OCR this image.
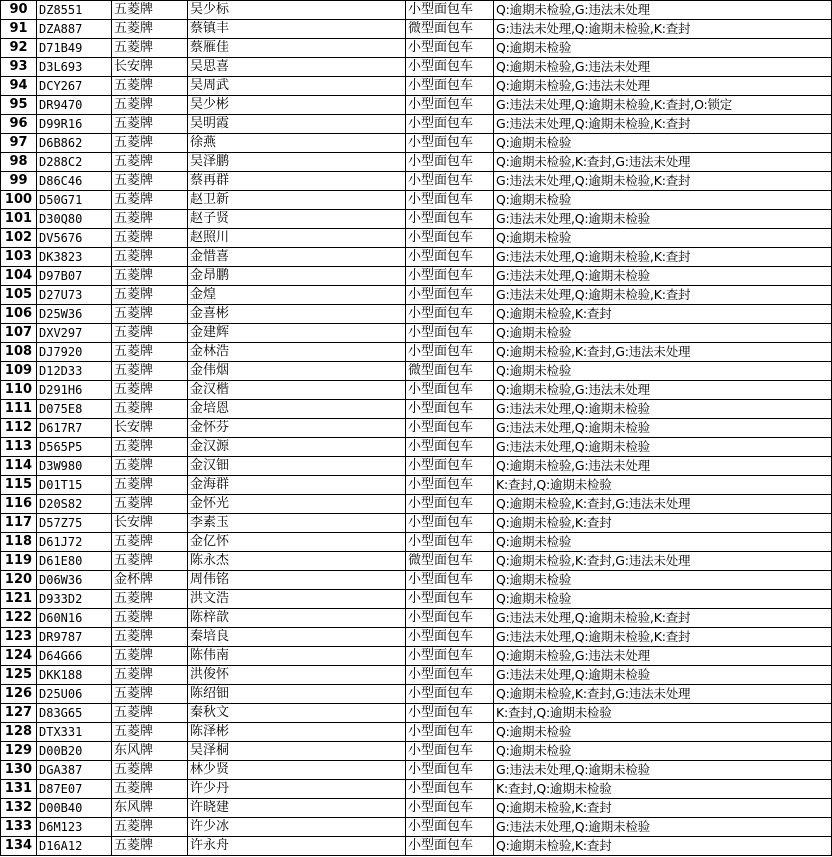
90	DZ8551	五菱牌	吴少标	小型面包车	Q:逾期未检验,G:违法未处理
91	DZA887	五菱牌	蔡镇丰	微型面包车	G:违法未处理,Q:逾期未检验,K:查封
92	D71B49	五菱牌	蔡雁佳	小型面包车	Q:逾期未检验
93	D3L693	长安牌	吴思喜	小型面包车	Q:逾期未检验,G:违法未处理
94	DCY267	五菱牌	吴周武	小型面包车	Q:逾期未检验,G:违法未处理
95	DR9470	五菱牌	吴少彬	小型面包车	G:违法未处理,Q:逾期未检验,K:查封,O:锁定
96	D99R16	五菱牌	吴明霞	小型面包车	G:违法未处理,Q:逾期未检验,K:查封
97	D6B862	五菱牌	徐燕	小型面包车	Q:逾期未检验
98	D288C2	五菱牌	吴泽鹏	小型面包车	Q:逾期未检验,K:查封,G:违法未处理
99	D86C46	五菱牌	蔡再群	小型面包车	G:违法未处理,Q:逾期未检验,K:查封
100	D50G71	五菱牌	赵卫新	小型面包车	Q:逾期未检验
101	D30Q80	五菱牌	赵子贤	小型面包车	G:违法未处理,Q:逾期未检验
102	DV5676	五菱牌	赵照川	小型面包车	Q:逾期未检验
103	DK3823	五菱牌	金惜喜	小型面包车	G:违法未处理,Q:逾期未检验,K:查封
104	D97B07	五菱牌	金昂鹏	小型面包车	G:违法未处理,Q:逾期未检验
105	D27U73	五菱牌	金煌	小型面包车	G:违法未处理,Q:逾期未检验,K:查封
106	D25W36	五菱牌	金喜彬	小型面包车	Q:逾期未检验,K:查封
107	DXV297	五菱牌	金建辉	小型面包车	Q:逾期未检验
108	DJ7920	五菱牌	金林浩	小型面包车	Q:逾期未检验,K:查封,G:违法未处理
109	D12D33	五菱牌	金伟烟	微型面包车	Q:逾期未检验
110	D291H6	五菱牌	金汉楷	小型面包车	Q:逾期未检验,G:违法未处理
111	D075E8	五菱牌	金培恩	小型面包车	G:违法未处理,Q:逾期未检验
112	D617R7	长安牌	金怀芬	小型面包车	G:违法未处理,Q:逾期未检验
113	D565P5	五菱牌	金汉源	小型面包车	G:违法未处理,Q:逾期未检验
114	D3W980	五菱牌	金汉钿	小型面包车	Q:逾期未检验,G:违法未处理
115	D01T15	五菱牌	金海群	小型面包车	K:查封,Q:逾期未检验
116	D20S82	五菱牌	金怀光	小型面包车	Q:逾期未检验,K:查封,G:违法未处理
117	D57Z75	长安牌	李素玉	小型面包车	Q:逾期未检验,K:查封
118	D61J72	五菱牌	金亿怀	小型面包车	Q:逾期未检验
119	D61E80	五菱牌	陈永杰	微型面包车	Q:逾期未检验,K:查封,G:违法未处理
120	D06W36	金杯牌	周伟铭	小型面包车	Q:逾期未检验
121	D933D2	五菱牌	洪文浩	小型面包车	Q:逾期未检验
122	D60N16	五菱牌	陈梓歆	小型面包车	G:违法未处理,Q:逾期未检验,K:查封
123	DR9787	五菱牌	秦培良	小型面包车	G:违法未处理,Q:逾期未检验,K:查封
124	D64G66	五菱牌	陈伟南	小型面包车	Q:逾期未检验,G:违法未处理
125	DKK188	五菱牌	洪俊怀	小型面包车	G:违法未处理,Q:逾期未检验
126	D25U06	五菱牌	陈绍钿	小型面包车	Q:逾期未检验,K:查封,G:违法未处理
127	D83G65	五菱牌	秦秋文	小型面包车	K:查封,Q:逾期未检验
128	DTX331	五菱牌	陈泽彬	小型面包车	Q:逾期未检验
129	D00B20	东风牌	吴泽桐	小型面包车	Q:逾期未检验
130	DGA387	五菱牌	林少贤	小型面包车	G:违法未处理,Q:逾期未检验
131	D87E07	五菱牌	许少丹	小型面包车	K:查封,Q:逾期未检验
132	D00B40	东风牌	许晓建	小型面包车	Q:逾期未检验,K:查封
133	D6M123	五菱牌	许少冰	小型面包车	G:违法未处理,Q:逾期未检验
134	D16A12	五菱牌	许永舟	小型面包车	Q:逾期未检验,K:查封
